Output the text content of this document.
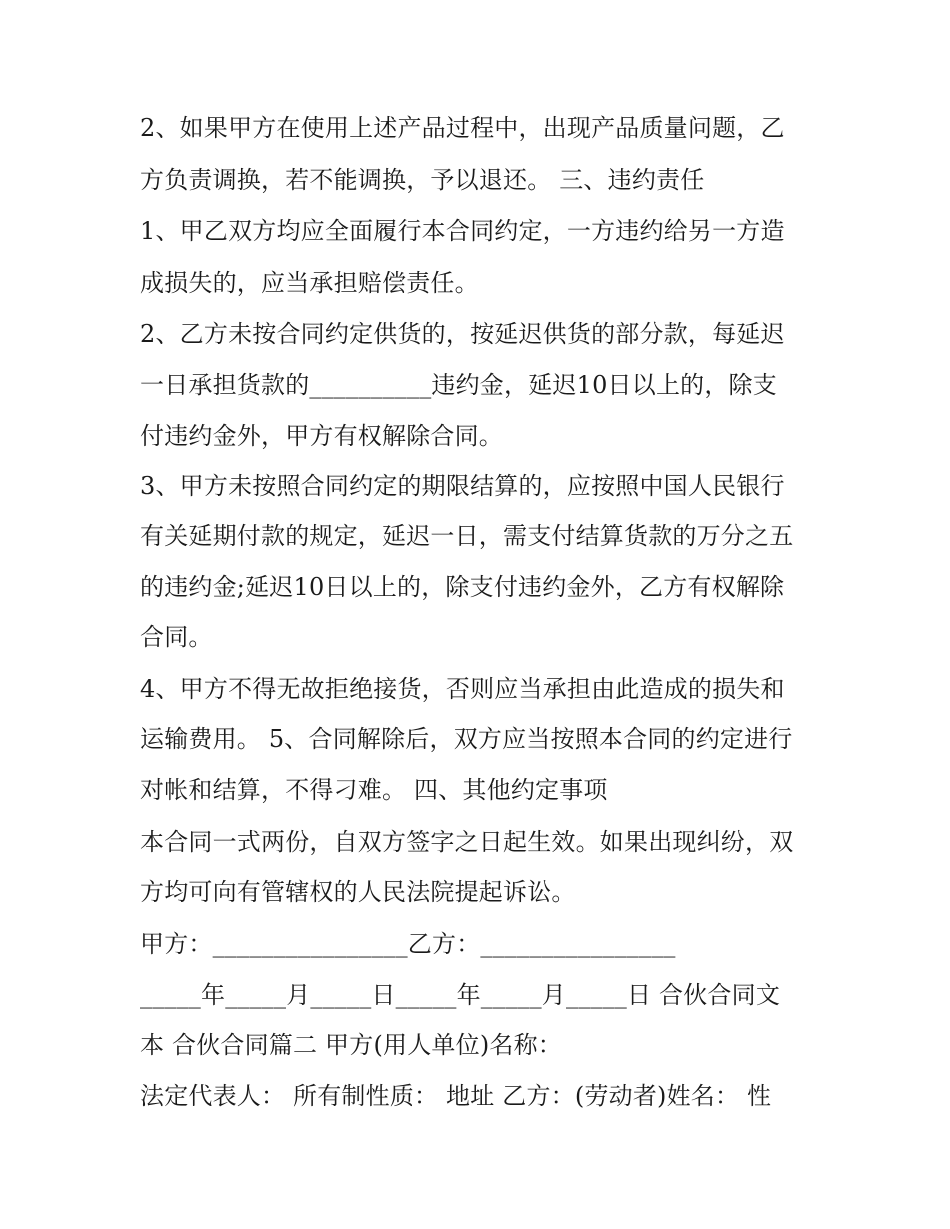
2、如果甲方在使用上述产品过程中，出现产品质量问题，乙
方负责调换，若不能调换，予以退还。 三、违约责任
1、甲乙双方均应全面履行本合同约定，一方违约给另一方造
成损失的，应当承担赔偿责任。
2、乙方未按合同约定供货的，按延迟供货的部分款，每延迟
一日承担货款的__________违约金，延迟10日以上的，除支
付违约金外，甲方有权解除合同。
3、甲方未按照合同约定的期限结算的，应按照中国人民银行
有关延期付款的规定，延迟一日，需支付结算货款的万分之五
的违约金;延迟10日以上的，除支付违约金外，乙方有权解除
合同。
4、甲方不得无故拒绝接货，否则应当承担由此造成的损失和
运输费用。 5、合同解除后，双方应当按照本合同的约定进行
对帐和结算，不得刁难。 四、其他约定事项
本合同一式两份，自双方签字之日起生效。如果出现纠纷，双
方均可向有管辖权的人民法院提起诉讼。
甲方：________________乙方：________________
_____年_____月_____日_____年_____月_____日 合伙合同文
本 合伙合同篇二 甲方(用人单位)名称：
法定代表人： 所有制性质： 地址 乙方：(劳动者)姓名： 性
